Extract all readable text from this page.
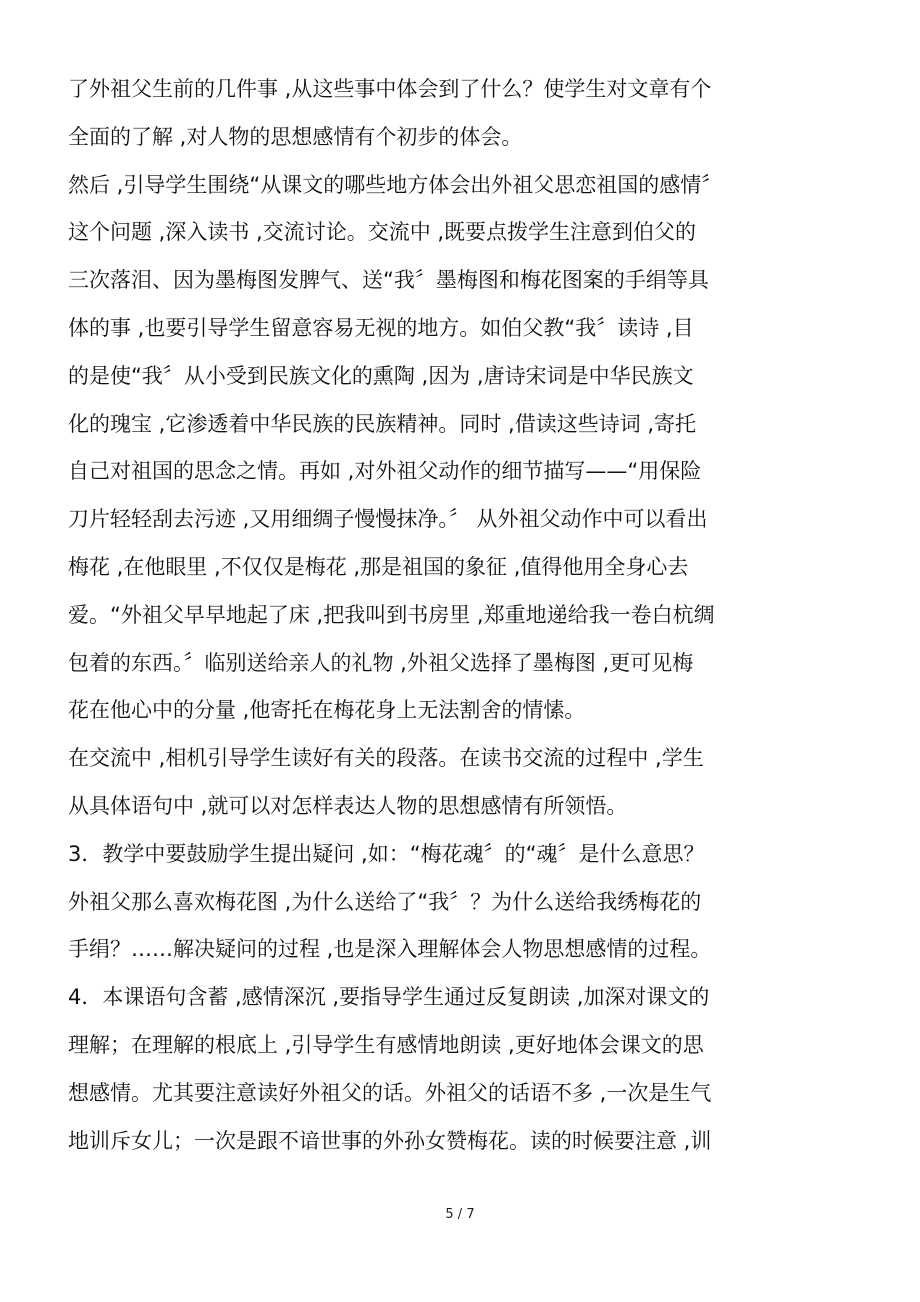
了外祖父生前的几件事 ,从这些事中体会到了什么？使学生对文章有个
全面的了解 ,对人物的思想感情有个初步的体会。
然后 ,引导学生围绕“从课文的哪些地方体会出外祖父思恋祖国的感情〞
这个问题 ,深入读书 ,交流讨论。交流中 ,既要点拨学生注意到伯父的
三次落泪、因为墨梅图发脾气、送“我〞墨梅图和梅花图案的手绢等具
体的事 ,也要引导学生留意容易无视的地方。如伯父教“我〞读诗 ,目
的是使“我〞从小受到民族文化的熏陶 ,因为 ,唐诗宋词是中华民族文
化的瑰宝 ,它渗透着中华民族的民族精神。同时 ,借读这些诗词 ,寄托
自己对祖国的思念之情。再如 ,对外祖父动作的细节描写——“用保险
刀片轻轻刮去污迹 ,又用细绸子慢慢抹净。〞 从外祖父动作中可以看出
梅花 ,在他眼里 ,不仅仅是梅花 ,那是祖国的象征 ,值得他用全身心去
爱。“外祖父早早地起了床 ,把我叫到书房里 ,郑重地递给我一卷白杭绸
包着的东西。〞临别送给亲人的礼物 ,外祖父选择了墨梅图 ,更可见梅
花在他心中的分量 ,他寄托在梅花身上无法割舍的情愫。
在交流中 ,相机引导学生读好有关的段落。在读书交流的过程中 ,学生
从具体语句中 ,就可以对怎样表达人物的思想感情有所领悟。
3．教学中要鼓励学生提出疑问 ,如：“梅花魂〞的“魂〞是什么意思？
外祖父那么喜欢梅花图 ,为什么送给了“我〞？为什么送给我绣梅花的
手绢？……解决疑问的过程 ,也是深入理解体会人物思想感情的过程。
4．本课语句含蓄 ,感情深沉 ,要指导学生通过反复朗读 ,加深对课文的
理解；在理解的根底上 ,引导学生有感情地朗读 ,更好地体会课文的思
想感情。尤其要注意读好外祖父的话。外祖父的话语不多 ,一次是生气
地训斥女儿；一次是跟不谙世事的外孙女赞梅花。读的时候要注意 ,训
5 / 7
